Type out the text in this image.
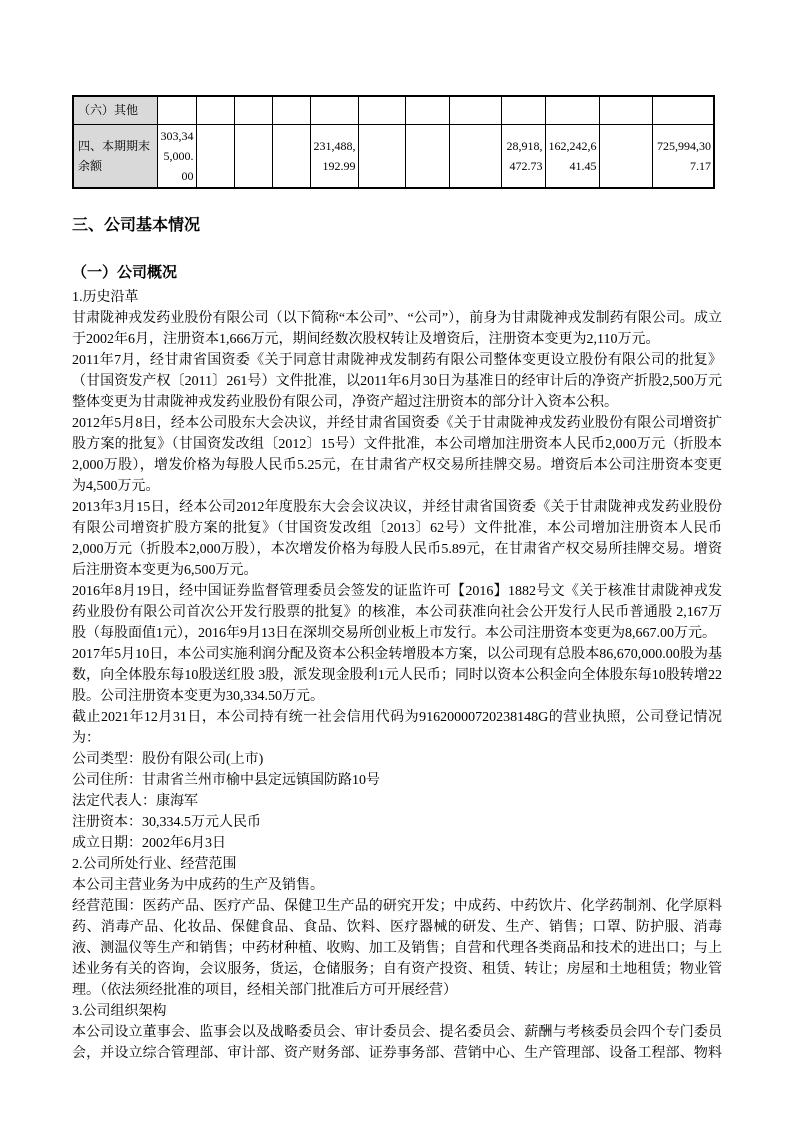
（六）其他												
四、本期期末余额	303,345,000.00				231,488,192.99				28,918,472.73	162,242,641.45		725,994,307.17
三、公司基本情况
（一）公司概况

1.历史沿革

甘肃陇神戎发药业股份有限公司（以下简称“本公司”、“公司”），前身为甘肃陇神戎发制药有限公司。成立于2002年6月，注册资本1,666万元，期间经数次股权转让及增资后，注册资本变更为2,110万元。

2011年7月，经甘肃省国资委《关于同意甘肃陇神戎发制药有限公司整体变更设立股份有限公司的批复》（甘国资发产权〔2011〕261号）文件批准，以2011年6月30日为基准日的经审计后的净资产折股2,500万元整体变更为甘肃陇神戎发药业股份有限公司，净资产超过注册资本的部分计入资本公积。

2012年5月8日，经本公司股东大会决议，并经甘肃省国资委《关于甘肃陇神戎发药业股份有限公司增资扩股方案的批复》（甘国资发改组〔2012〕15号）文件批准，本公司增加注册资本人民币2,000万元（折股本2,000万股），增发价格为每股人民币5.25元，在甘肃省产权交易所挂牌交易。增资后本公司注册资本变更为4,500万元。

2013年3月15日，经本公司2012年度股东大会会议决议，并经甘肃省国资委《关于甘肃陇神戎发药业股份有限公司增资扩股方案的批复》（甘国资发改组〔2013〕62号）文件批准，本公司增加注册资本人民币2,000万元（折股本2,000万股），本次增发价格为每股人民币5.89元，在甘肃省产权交易所挂牌交易。增资后注册资本变更为6,500万元。

2016年8月19日，经中国证券监督管理委员会签发的证监许可【2016】1882号文《关于核准甘肃陇神戎发药业股份有限公司首次公开发行股票的批复》的核准，本公司获准向社会公开发行人民币普通股 2,167万股（每股面值1元），2016年9月13日在深圳交易所创业板上市发行。本公司注册资本变更为8,667.00万元。

2017年5月10日，本公司实施利润分配及资本公积金转增股本方案，以公司现有总股本86,670,000.00股为基数，向全体股东每10股送红股 3股，派发现金股利1元人民币；同时以资本公积金向全体股东每10股转增22股。公司注册资本变更为30,334.50万元。

截止2021年12月31日，本公司持有统一社会信用代码为91620000720238148G的营业执照，公司登记情况为：

公司类型：股份有限公司(上市)

公司住所：甘肃省兰州市榆中县定远镇国防路10号

法定代表人：康海军

注册资本：30,334.5万元人民币

成立日期：2002年6月3日

2.公司所处行业、经营范围

本公司主营业务为中成药的生产及销售。

经营范围：医药产品、医疗产品、保健卫生产品的研究开发；中成药、中药饮片、化学药制剂、化学原料药、消毒产品、化妆品、保健食品、食品、饮料、医疗器械的研发、生产、销售；口罩、防护服、消毒液、测温仪等生产和销售；中药材种植、收购、加工及销售；自营和代理各类商品和技术的进出口；与上述业务有关的咨询，会议服务，货运，仓储服务；自有资产投资、租赁、转让；房屋和土地租赁；物业管理。（依法须经批准的项目，经相关部门批准后方可开展经营）

3.公司组织架构

本公司设立董事会、监事会以及战略委员会、审计委员会、提名委员会、薪酬与考核委员会四个专门委员会，并设立综合管理部、审计部、资产财务部、证券事务部、营销中心、生产管理部、设备工程部、物料
